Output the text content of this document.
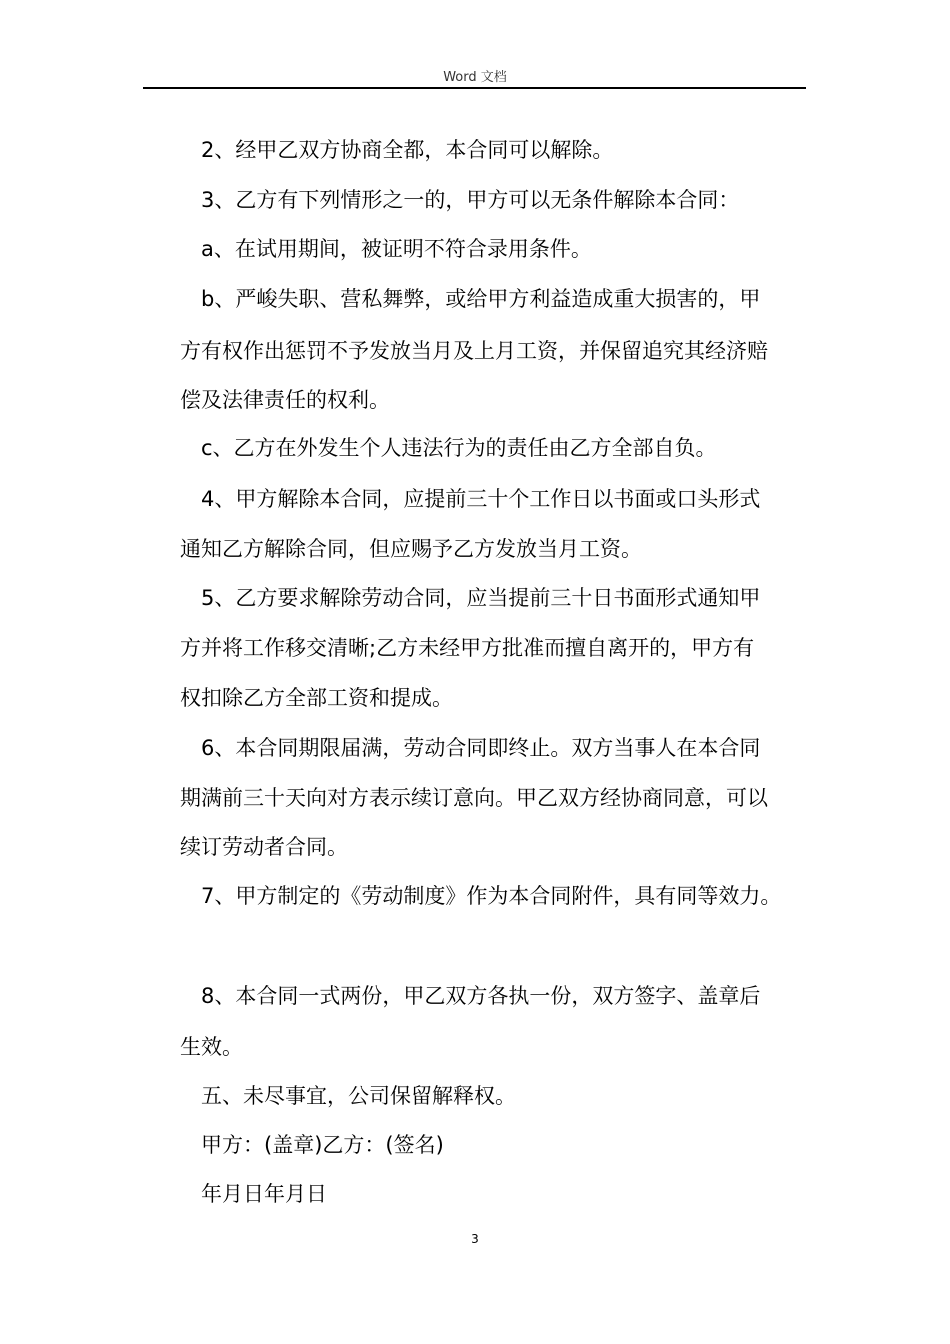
Word 文档
2、经甲乙双方协商全都，本合同可以解除。
3、乙方有下列情形之一的，甲方可以无条件解除本合同：
a、在试用期间，被证明不符合录用条件。
b、严峻失职、营私舞弊，或给甲方利益造成重大损害的，甲
方有权作出惩罚不予发放当月及上月工资，并保留追究其经济赔
偿及法律责任的权利。
c、乙方在外发生个人违法行为的责任由乙方全部自负。
4、甲方解除本合同，应提前三十个工作日以书面或口头形式
通知乙方解除合同，但应赐予乙方发放当月工资。
5、乙方要求解除劳动合同，应当提前三十日书面形式通知甲
方并将工作移交清晰;乙方未经甲方批准而擅自离开的，甲方有
权扣除乙方全部工资和提成。
6、本合同期限届满，劳动合同即终止。双方当事人在本合同
期满前三十天向对方表示续订意向。甲乙双方经协商同意，可以
续订劳动者合同。
7、甲方制定的《劳动制度》作为本合同附件，具有同等效力。
8、本合同一式两份，甲乙双方各执一份，双方签字、盖章后
生效。
五、未尽事宜，公司保留解释权。
甲方：(盖章)乙方：(签名)
年月日年月日
3
